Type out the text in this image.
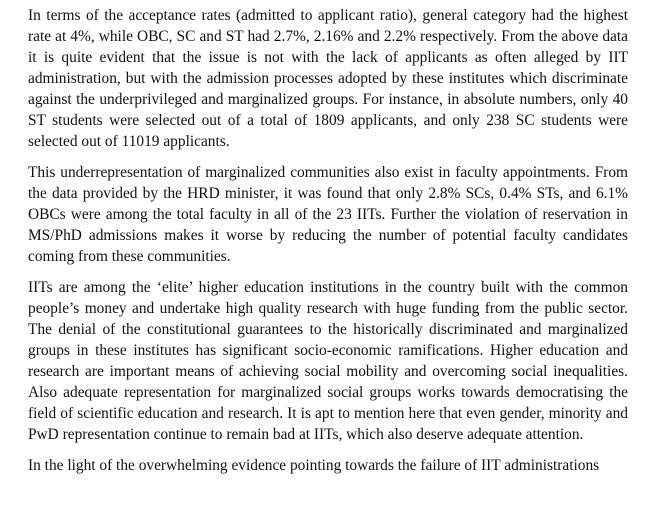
In terms of the acceptance rates (admitted to applicant ratio), general category had the highest rate at 4%, while OBC, SC and ST had 2.7%, 2.16% and 2.2% respectively. From the above data it is quite evident that the issue is not with the lack of applicants as often alleged by IIT administration, but with the admission processes adopted by these institutes which discriminate against the underprivileged and marginalized groups. For instance, in absolute numbers, only 40 ST students were selected out of a total of 1809 applicants, and only 238 SC students were selected out of 11019 applicants.

This underrepresentation of marginalized communities also exist in faculty appointments. From the data provided by the HRD minister, it was found that only 2.8% SCs, 0.4% STs, and 6.1% OBCs were among the total faculty in all of the 23 IITs. Further the violation of reservation in MS/PhD admissions makes it worse by reducing the number of potential faculty candidates coming from these communities.

IITs are among the ‘elite’ higher education institutions in the country built with the common people’s money and undertake high quality research with huge funding from the public sector. The denial of the constitutional guarantees to the historically discriminated and marginalized groups in these institutes has significant socio-economic ramifications. Higher education and research are important means of achieving social mobility and overcoming social inequalities. Also adequate representation for marginalized social groups works towards democratising the field of scientific education and research. It is apt to mention here that even gender, minority and PwD representation continue to remain bad at IITs, which also deserve adequate attention.

In the light of the overwhelming evidence pointing towards the failure of IIT administrations
